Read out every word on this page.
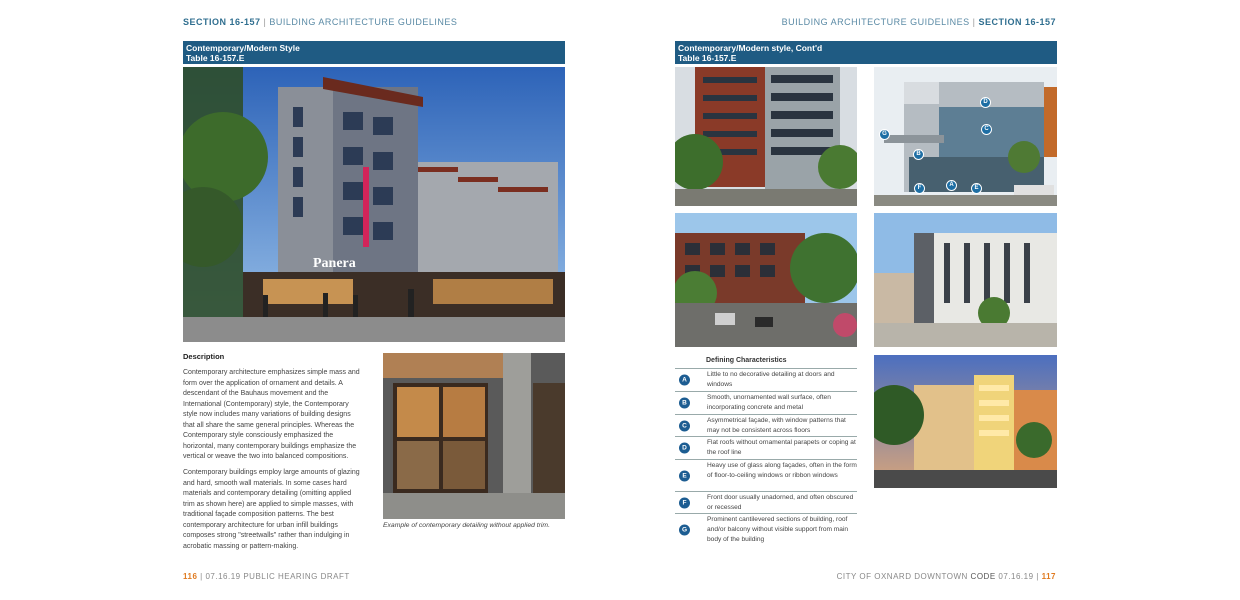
SECTION 16-157 | BUILDING ARCHITECTURE GUIDELINES
Contemporary/Modern Style
Table 16-157.E
Panera
Description

Contemporary architecture emphasizes simple mass and form over the application of ornament and details. A descendant of the Bauhaus movement and the International (Contemporary) style, the Contemporary style now includes many variations of building designs that all share the same general principles. Whereas the Contemporary style consciously emphasized the horizontal, many contemporary buildings emphasize the vertical or weave the two into balanced compositions.

Contemporary buildings employ large amounts of glazing and hard, smooth wall materials. In some cases hard materials and contemporary detailing (omitting applied trim as shown here) are applied to simple masses, with traditional façade composition patterns. The best contemporary architecture for urban infill buildings composes strong "streetwalls" rather than indulging in acrobatic massing or pattern-making.

Example of contemporary detailing without applied trim.
116 | 07.16.19 PUBLIC HEARING DRAFT
BUILDING ARCHITECTURE GUIDELINES | SECTION 16-157
Contemporary/Modern style, Cont'd
Table 16-157.E
D
C
G
B
F	A	E
Defining Characteristics
A
Little to no decorative detailing at doors and windows
B
Smooth, unornamented wall surface, often incorporating concrete and metal
C
Asymmetrical façade, with window patterns that may not be consistent across floors
D
Flat roofs without ornamental parapets or coping at the roof line
E
Heavy use of glass along façades, often in the form of floor-to-ceiling windows or ribbon windows
F
Front door usually unadorned, and often obscured or recessed
G
Prominent cantilevered sections of building, roof and/or balcony without visible support from main body of the building
CITY OF OXNARD DOWNTOWN CODE 07.16.19 | 117
